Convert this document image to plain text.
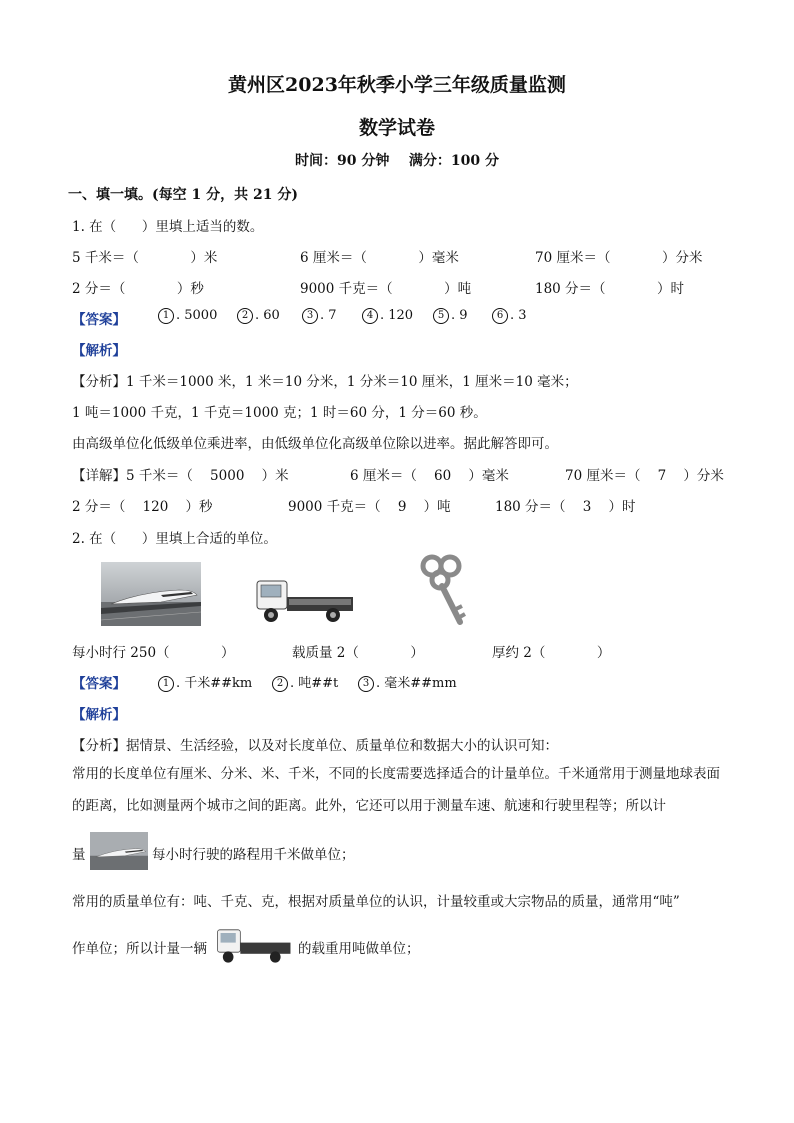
黄州区2023年秋季小学三年级质量监测
数学试卷
时间：90 分钟    满分：100 分
一、填一填。(每空 1 分，共 21 分)
1. 在（      ）里填上适当的数。
5 千米＝（            ）米	6 厘米＝（            ）毫米	70 厘米＝（            ）分米
2 分＝（            ）秒	9000 千克＝（            ）吨	180 分＝（            ）时
【答案】	1 . 5000	2 . 60	3 . 7	4 . 120	5 . 9	6 . 3
【解析】
【分析】1 千米＝1000 米，1 米＝10 分米，1 分米＝10 厘米，1 厘米＝10 毫米；
1 吨＝1000 千克，1 千克＝1000 克；1 时＝60 分，1 分＝60 秒。
由高级单位化低级单位乘进率，由低级单位化高级单位除以进率。据此解答即可。
【详解】5 千米＝（    5000    ）米	6 厘米＝（    60    ）毫米	70 厘米＝（    7    ）分米
2 分＝（    120    ）秒	9000 千克＝（    9    ）吨	180 分＝（    3    ）时
2. 在（      ）里填上合适的单位。
每小时行 250（            ）	载质量 2（            ）	厚约 2（            ）
【答案】	1 . 千米##km	2 . 吨##t	3 . 毫米##mm
【解析】
【分析】据情景、生活经验，以及对长度单位、质量单位和数据大小的认识可知：
常用的长度单位有厘米、分米、米、千米，不同的长度需要选择适合的计量单位。千米通常用于测量地球表面的距离，比如测量两个城市之间的距离。此外，它还可以用于测量车速、航速和行驶里程等；所以计
量	每小时行驶的路程用千米做单位；
常用的质量单位有：吨、千克、克，根据对质量单位的认识，计量较重或大宗物品的质量，通常用“吨”
作单位；所以计量一辆	的载重用吨做单位；
